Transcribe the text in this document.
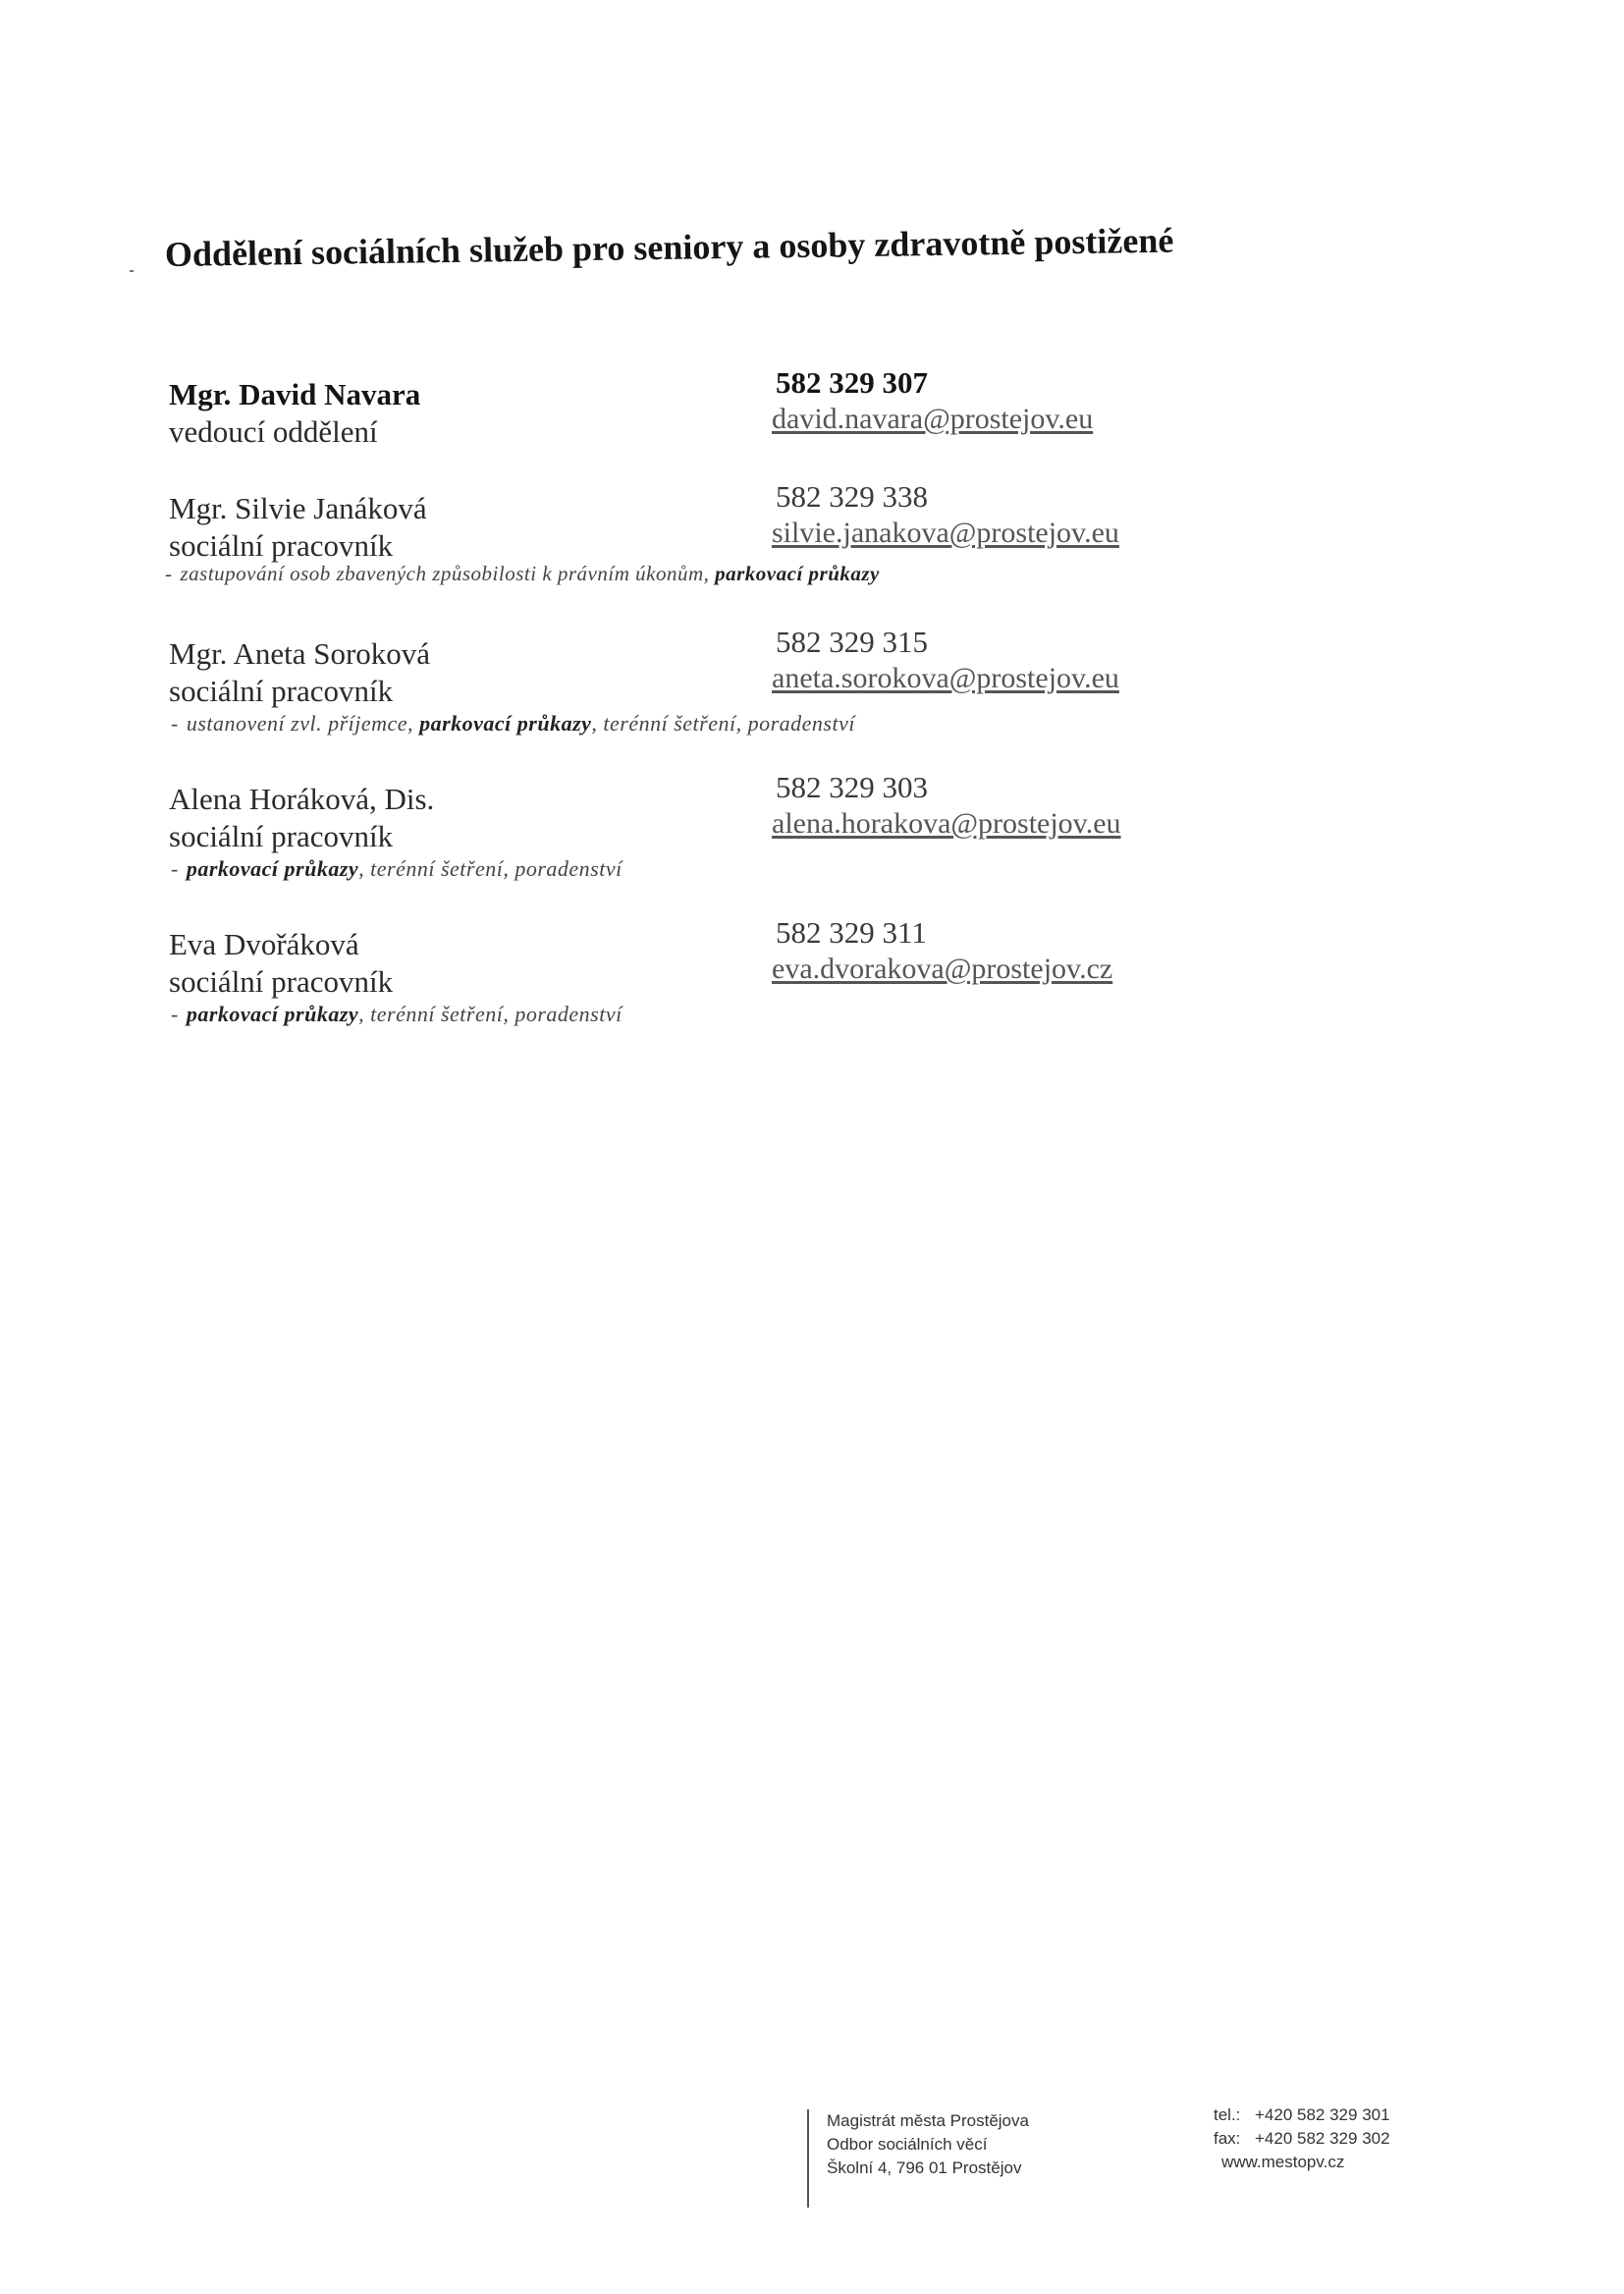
Oddělení sociálních služeb pro seniory a osoby zdravotně postižené
Mgr. David Navara
vedoucí oddělení
582 329 307
david.navara@prostejov.eu
Mgr. Silvie Janáková
sociální pracovník
582 329 338
silvie.janakova@prostejov.eu
- zastupování osob zbavených způsobilosti k právním úkonům, parkovací průkazy
Mgr. Aneta Soroková
sociální pracovník
582 329 315
aneta.sorokova@prostejov.eu
- ustanovení zvl. příjemce, parkovací průkazy, terénní šetření, poradenství
Alena Horáková, Dis.
sociální pracovník
582 329 303
alena.horakova@prostejov.eu
- parkovací průkazy, terénní šetření, poradenství
Eva Dvořáková
sociální pracovník
582 329 311
eva.dvorakova@prostejov.cz
- parkovací průkazy, terénní šetření, poradenství
Magistrát města Prostějova
Odbor sociálních věcí
Školní 4, 796 01 Prostějov
tel.: +420 582 329 301
fax: +420 582 329 302
www.mestopv.cz
